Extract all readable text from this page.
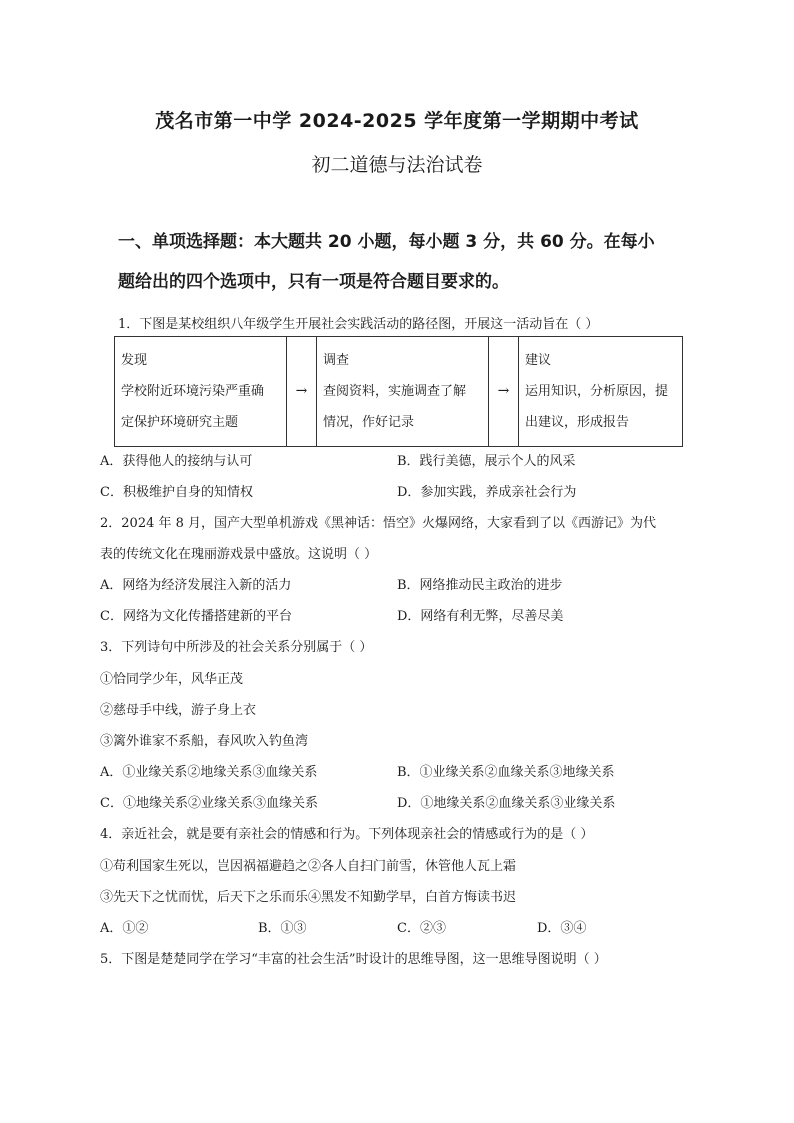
茂名市第一中学 2024-2025 学年度第一学期期中考试
初二道德与法治试卷
一、单项选择题：本大题共 20 小题，每小题 3 分，共 60 分。在每小
题给出的四个选项中，只有一项是符合题目要求的。
1．下图是某校组织八年级学生开展社会实践活动的路径图，开展这一活动旨在（ ）
发现
学校附近环境污染严重确
定保护环境研究主题
	→	
调查
查阅资料，实施调查了解
情况，作好记录
	→	
建议
运用知识，分析原因，提
出建议，形成报告
A．获得他人的接纳与认可	B．践行美德，展示个人的风采
C．积极维护自身的知情权	D．参加实践，养成亲社会行为
2．2024 年 8 月，国产大型单机游戏《黑神话：悟空》火爆网络，大家看到了以《西游记》为代
表的传统文化在瑰丽游戏景中盛放。这说明（ ）
A．网络为经济发展注入新的活力	B．网络推动民主政治的进步
C．网络为文化传播搭建新的平台	D．网络有利无弊，尽善尽美
3．下列诗句中所涉及的社会关系分别属于（ ）
①恰同学少年，风华正茂
②慈母手中线，游子身上衣
③篱外谁家不系船，春风吹入钓鱼湾
A．①业缘关系②地缘关系③血缘关系	B．①业缘关系②血缘关系③地缘关系
C．①地缘关系②业缘关系③血缘关系	D．①地缘关系②血缘关系③业缘关系
4．亲近社会，就是要有亲社会的情感和行为。下列体现亲社会的情感或行为的是（ ）
①苟利国家生死以，岂因祸福避趋之②各人自扫门前雪，休管他人瓦上霜
③先天下之忧而忧，后天下之乐而乐④黑发不知勤学早，白首方悔读书迟
A．①②	B．①③	C．②③	D．③④
5．下图是楚楚同学在学习“丰富的社会生活”时设计的思维导图，这一思维导图说明（ ）
